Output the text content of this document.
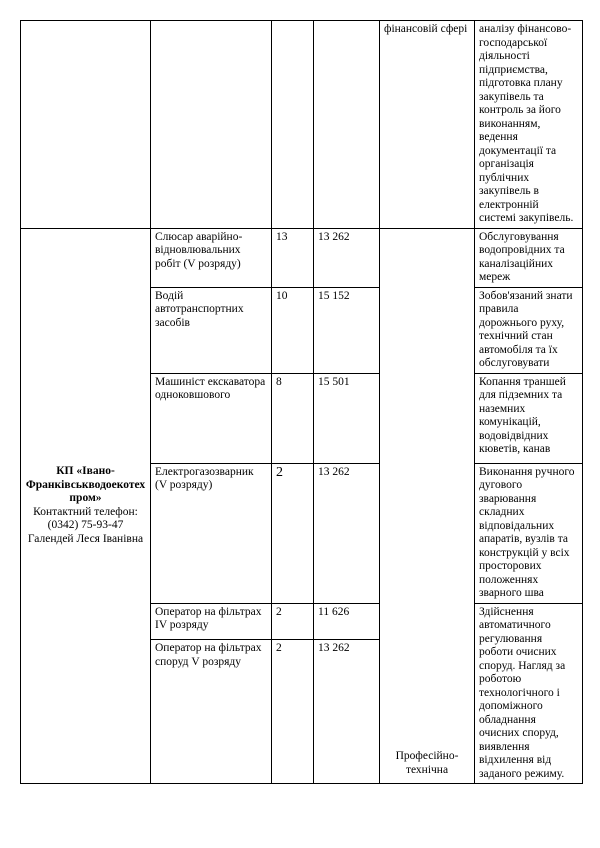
				фінансовій сфері	аналізу фінансово-господарської діяльності підприємства, підготовка плану закупівель та контроль за його виконанням, ведення документації та організація публічних закупівель в електронній системі закупівель.

КП «Івано-Франківськводоекотех пром»
Контактний телефон:
(0342) 75-93-47
Галендей Леся Іванівна	Слюсар аварійно-відновлювальних робіт (V розряду)	13	13 262	Професійно-технічна	Обслуговування водопровідних та каналізаційних мереж
	Водій автотранспортних засобів	10	15 152		Зобов'язаний знати правила дорожнього руху, технічний стан автомобіля та їх обслуговувати
	Машиніст екскаватора одноковшового	8	15 501		Копання траншей для підземних та наземних комунікацій, водовідвідних кюветів, канав
	Електрогазозварник (V розряду)	2	13 262		Виконання ручного дугового зварювання складних відповідальних апаратів, вузлів та конструкцій у всіх просторових положеннях зварного шва
	Оператор на фільтрах IV розряду	2	11 626		Здійснення автоматичного регулювання роботи очисних споруд. Нагляд за роботою технологічного і допоміжного обладнання очисних споруд, виявлення відхилення від заданого режиму.
	Оператор на фільтрах споруд V розряду	2	13 262		
